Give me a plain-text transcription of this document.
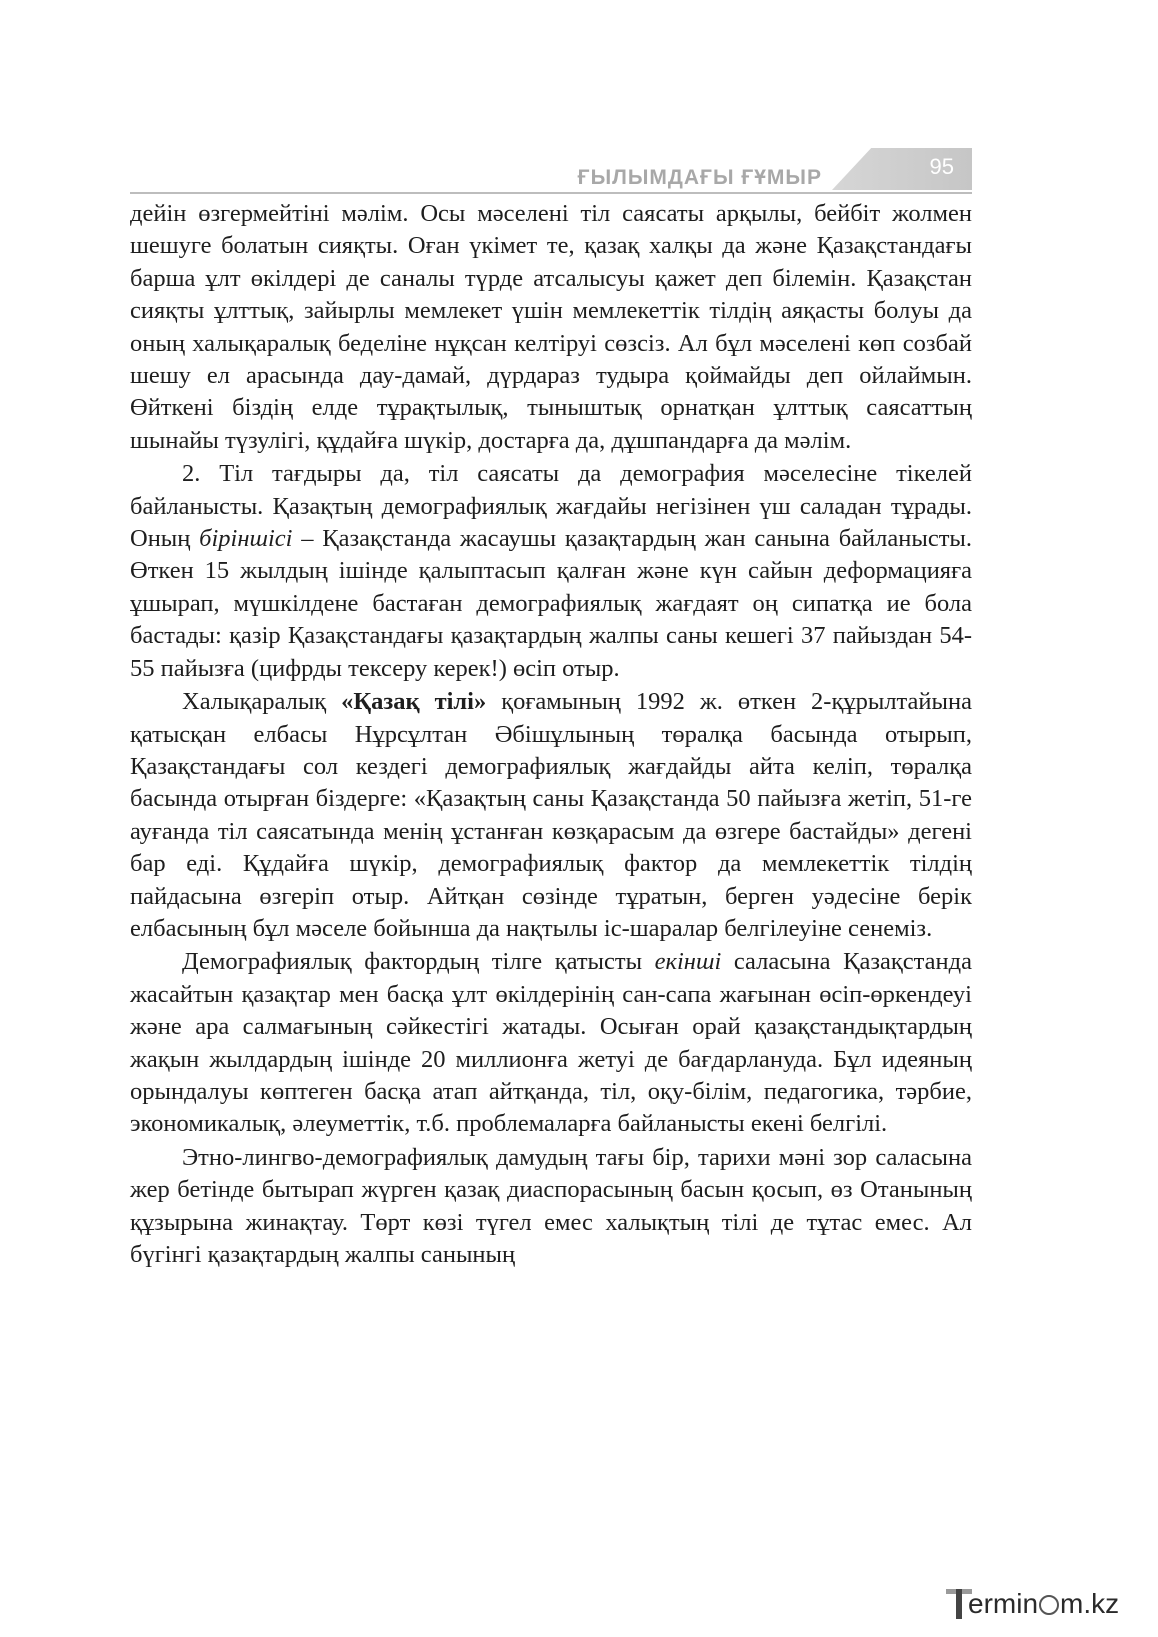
ҒЫЛЫМДАҒЫ ҒҰМЫР	95

дейін өзгермейтіні мәлім. Осы мәселені тіл саясаты арқылы, бейбіт жолмен шешуге болатын сияқты. Оған үкімет те, қазақ халқы да және Қазақстандағы барша ұлт өкілдері де саналы түрде атсалысуы қажет деп білемін. Қазақстан сияқты ұлттық, зайырлы мемлекет үшін мемлекеттік тілдің аяқасты болуы да оның халықаралық беделіне нұқсан келтіруі сөзсіз. Ал бұл мәселені көп созбай шешу ел арасында дау-дамай, дүрдараз тудыра қоймайды деп ойлаймын. Өйткені біздің елде тұрақтылық, тыныштық орнатқан ұлттық саясаттың шынайы түзулігі, құдайға шүкір, достарға да, дұшпандарға да мәлім.

2. Тіл тағдыры да, тіл саясаты да демография мәселесіне тікелей байланысты. Қазақтың демографиялық жағдайы негізінен үш саладан тұрады. Оның біріншісі – Қазақстанда жасаушы қазақтардың жан санына байланысты. Өткен 15 жылдың ішінде қалыптасып қалған және күн сайын деформацияға ұшырап, мүшкілдене бастаған демографиялық жағдаят оң сипатқа ие бола бастады: қазір Қазақстандағы қазақтардың жалпы саны кешегі 37 пайыздан 54-55 пайызға (цифрды тексеру керек!) өсіп отыр.

Халықаралық «Қазақ тілі» қоғамының 1992 ж. өткен 2-құрылтайына қатысқан елбасы Нұрсұлтан Әбішұлының төралқа басында отырып, Қазақстандағы сол кездегі демографиялық жағдайды айта келіп, төралқа басында отырған біздерге: «Қазақтың саны Қазақстанда 50 пайызға жетіп, 51-ге ауғанда тіл саясатында менің ұстанған көзқарасым да өзгере бастайды» дегені бар еді. Құдайға шүкір, демографиялық фактор да мемлекеттік тілдің пайдасына өзгеріп отыр. Айтқан сөзінде тұратын, берген уәдесіне берік елбасының бұл мәселе бойынша да нақтылы іс-шаралар белгілеуіне сенеміз.

Демографиялық фактордың тілге қатысты екінші саласына Қазақстанда жасайтын қазақтар мен басқа ұлт өкілдерінің сан-сапа жағынан өсіп-өркендеуі және ара салмағының сәйкестігі жатады. Осыған орай қазақстандықтардың жақын жылдардың ішінде 20 миллионға жетуі де бағдарлануда. Бұл идеяның орындалуы көптеген басқа атап айтқанда, тіл, оқу-білім, педагогика, тәрбие, экономикалық, әлеуметтік, т.б. проблемаларға байланысты екені белгілі.

Этно-лингво-демографиялық дамудың тағы бір, тарихи мәні зор саласына жер бетінде бытырап жүрген қазақ диаспорасының басын қосып, өз Отанының құзырына жинақтау. Төрт көзі түгел емес халықтың тілі де тұтас емес. Ал бүгінгі қазақтардың жалпы санының

ermin m.kz
